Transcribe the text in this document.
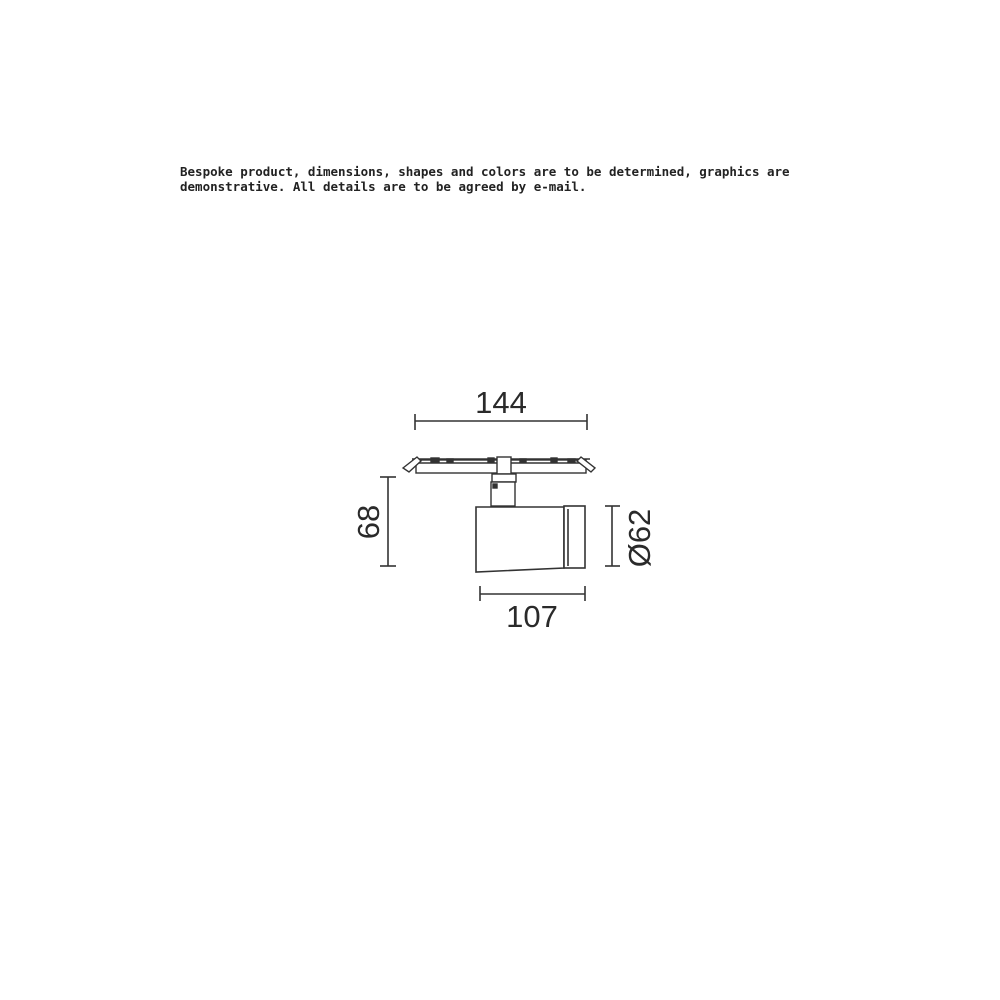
Bespoke product, dimensions, shapes and colors are to be determined, graphics are
demonstrative. All details are to be agreed by e-mail.
144
68	Ø62
107
